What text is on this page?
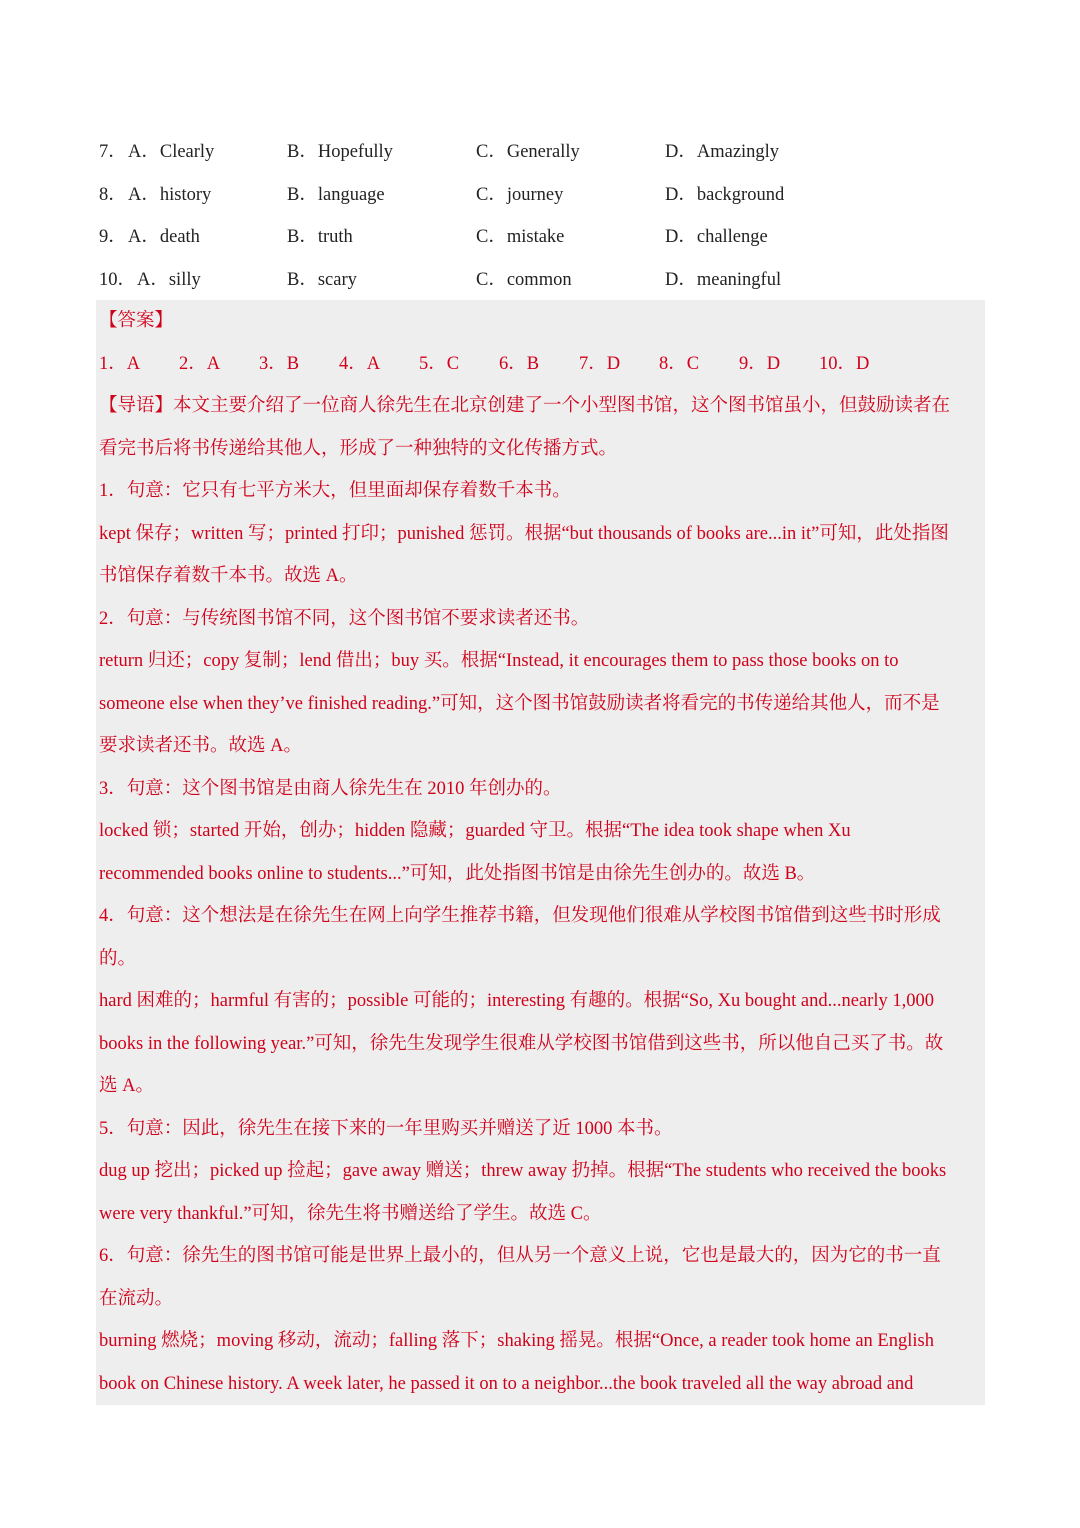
7． A．Clearly	B．Hopefully	C．Generally	D．Amazingly
8． A．history	B．language	C．journey	D．background
9． A．death	B．truth	C．mistake	D．challenge
10． A．silly	B．scary	C．common	D．meaningful
【答案】
1．A 2．A 3．B 4．A 5．C 6．B 7．D 8．C 9．D 10．D
【导语】本文主要介绍了一位商人徐先生在北京创建了一个小型图书馆，这个图书馆虽小，但鼓励读者在
看完书后将书传递给其他人，形成了一种独特的文化传播方式。
1．句意：它只有七平方米大，但里面却保存着数千本书。
kept 保存；written 写；printed 打印；punished 惩罚。根据“but thousands of books are...in it”可知，此处指图
书馆保存着数千本书。故选 A。
2．句意：与传统图书馆不同，这个图书馆不要求读者还书。
return 归还；copy 复制；lend 借出；buy 买。根据“Instead, it encourages them to pass those books on to
someone else when they’ve finished reading.”可知，这个图书馆鼓励读者将看完的书传递给其他人，而不是
要求读者还书。故选 A。
3．句意：这个图书馆是由商人徐先生在 2010 年创办的。
locked 锁；started 开始，创办；hidden 隐藏；guarded 守卫。根据“The idea took shape when Xu
recommended books online to students...”可知，此处指图书馆是由徐先生创办的。故选 B。
4．句意：这个想法是在徐先生在网上向学生推荐书籍，但发现他们很难从学校图书馆借到这些书时形成
的。
hard 困难的；harmful 有害的；possible 可能的；interesting 有趣的。根据“So, Xu bought and...nearly 1,000
books in the following year.”可知，徐先生发现学生很难从学校图书馆借到这些书，所以他自己买了书。故
选 A。
5．句意：因此，徐先生在接下来的一年里购买并赠送了近 1000 本书。
dug up 挖出；picked up 捡起；gave away 赠送；threw away 扔掉。根据“The students who received the books
were very thankful.”可知，徐先生将书赠送给了学生。故选 C。
6．句意：徐先生的图书馆可能是世界上最小的，但从另一个意义上说，它也是最大的，因为它的书一直
在流动。
burning 燃烧；moving 移动，流动；falling 落下；shaking 摇晃。根据“Once, a reader took home an English
book on Chinese history. A week later, he passed it on to a neighbor...the book traveled all the way abroad and
